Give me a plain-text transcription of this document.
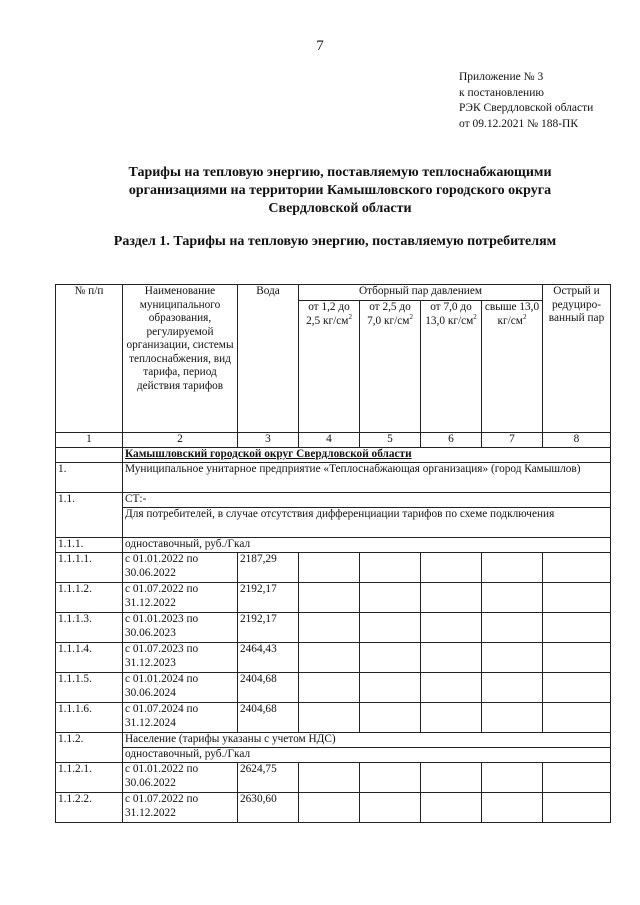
7
Приложение № 3
к постановлению
РЭК Свердловской области
от 09.12.2021 № 188-ПК
Тарифы на тепловую энергию, поставляемую теплоснабжающими
организациями на территории Камышловского городского округа
Свердловской области
Раздел 1. Тарифы на тепловую энергию, поставляемую потребителям
№ п/п	Наименование муниципального образования, регулируемой организации, системы теплоснабжения, вид тарифа, период действия тарифов	Вода	Отборный пар давлением				Острый и редуциро-ванный пар
			от 1,2 до 2,5 $кг/см^2$	от 2,5 до 7,0 $кг/см^2$	от 7,0 до 13,0 $кг/см^2$	свыше 13,0 $кг/см^2$
1	2	3	4	5	6	7	8
	Камышловский городской округ Свердловской области						
1.	Муниципальное унитарное предприятие «Теплоснабжающая организация» (город Камышлов)						
1.1.	СТ:-						
	Для потребителей, в случае отсутствия дифференциации тарифов по схеме подключения						
1.1.1.	одноставочный, руб./Гкал						
1.1.1.1.	с 01.01.2022 по 30.06.2022	2187,29					
1.1.1.2.	с 01.07.2022 по 31.12.2022	2192,17					
1.1.1.3.	с 01.01.2023 по 30.06.2023	2192,17					
1.1.1.4.	с 01.07.2023 по 31.12.2023	2464,43					
1.1.1.5.	с 01.01.2024 по 30.06.2024	2404,68					
1.1.1.6.	с 01.07.2024 по 31.12.2024	2404,68					
1.1.2.	Население (тарифы указаны с учетом НДС)						
	одноставочный, руб./Гкал						
1.1.2.1.	с 01.01.2022 по 30.06.2022	2624,75					
1.1.2.2.	с 01.07.2022 по 31.12.2022	2630,60					
